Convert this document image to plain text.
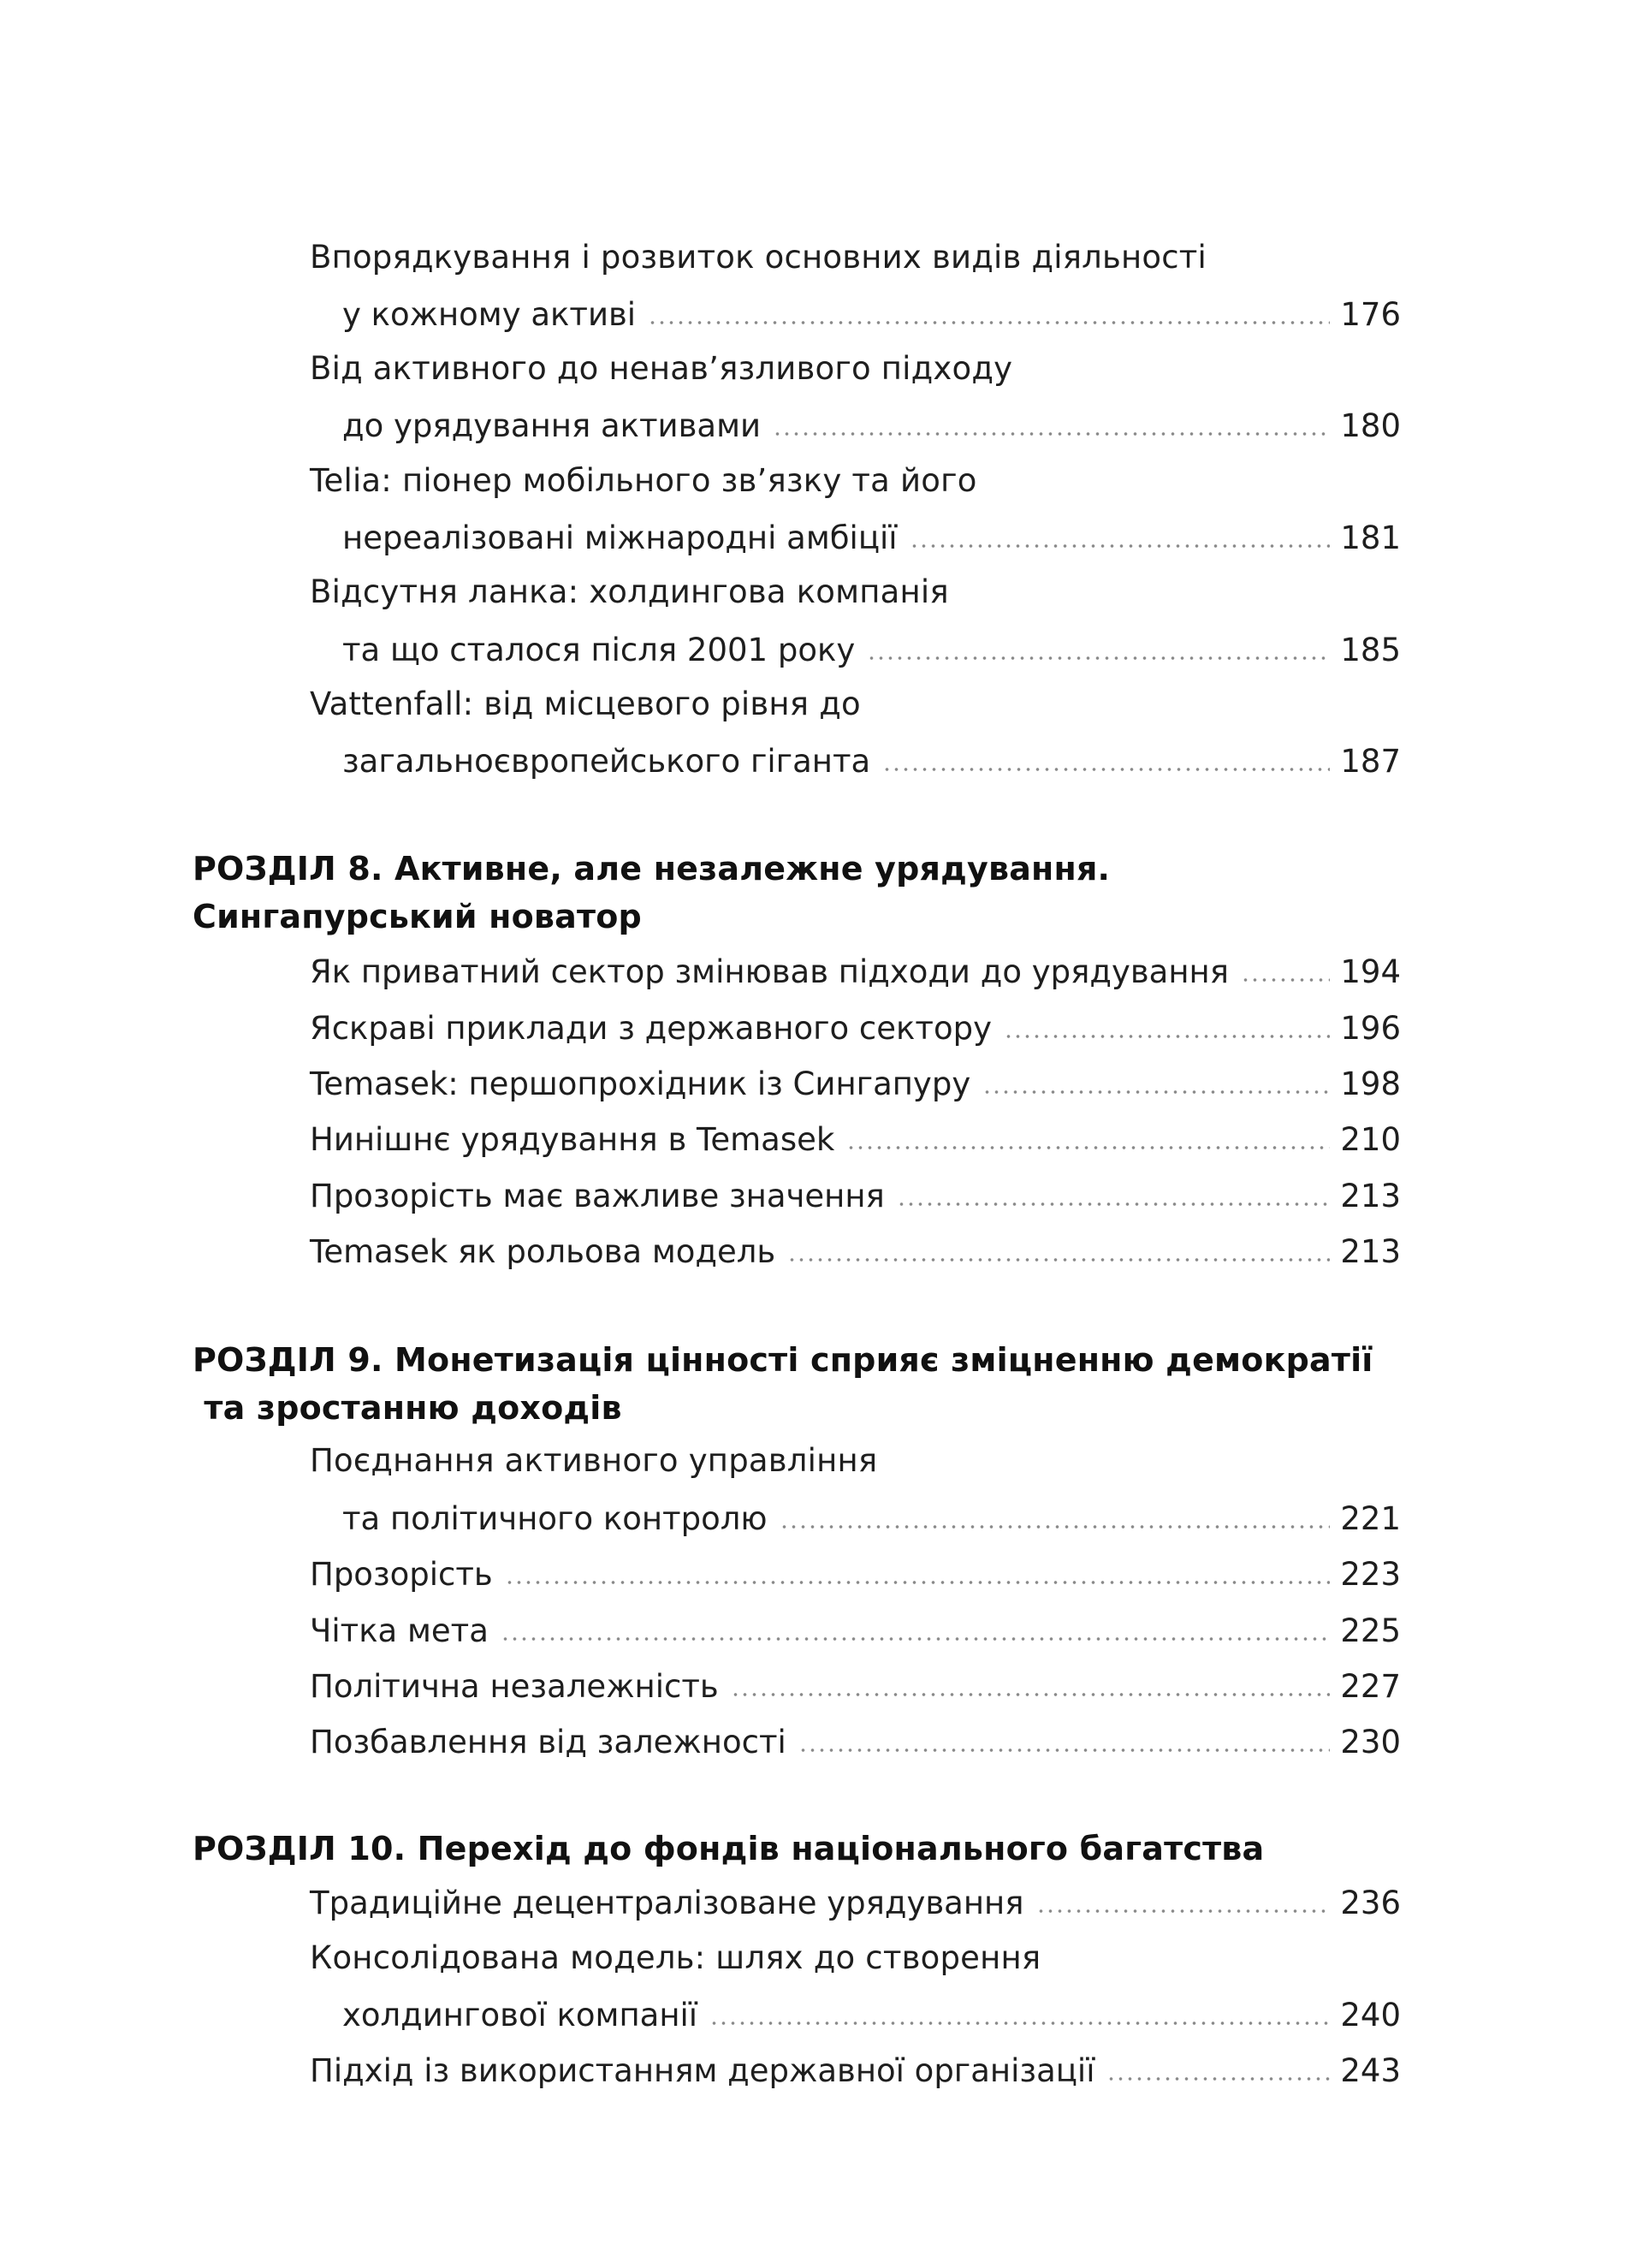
Впорядкування і розвиток основних видів діяльності
у кожному активі	176
Від активного до ненав’язливого підходу
до урядування активами	180
Telia: піонер мобільного зв’язку та його
нереалізовані міжнародні амбіції	181
Відсутня ланка: холдингова компанія
та що сталося після 2001 року	185
Vattenfall: від місцевого рівня до
загальноєвропейського гіганта	187
РОЗДІЛ 8. Активне, але незалежне урядування.
Сингапурський новатор
Як приватний сектор змінював підходи до урядування	194
Яскраві приклади з державного сектору	196
Temasek: першопрохідник із Сингапуру	198
Нинішнє урядування в Temasek	210
Прозорість має важливе значення	213
Temasek як рольова модель	213
РОЗДІЛ 9. Монетизація цінності сприяє зміцненню демократії
та зростанню доходів
Поєднання активного управління
та політичного контролю	221
Прозорість	223
Чітка мета	225
Політична незалежність	227
Позбавлення від залежності	230
РОЗДІЛ 10. Перехід до фондів національного багатства
Традиційне децентралізоване урядування	236
Консолідована модель: шлях до створення
холдингової компанії	240
Підхід із використанням державної організації	243
